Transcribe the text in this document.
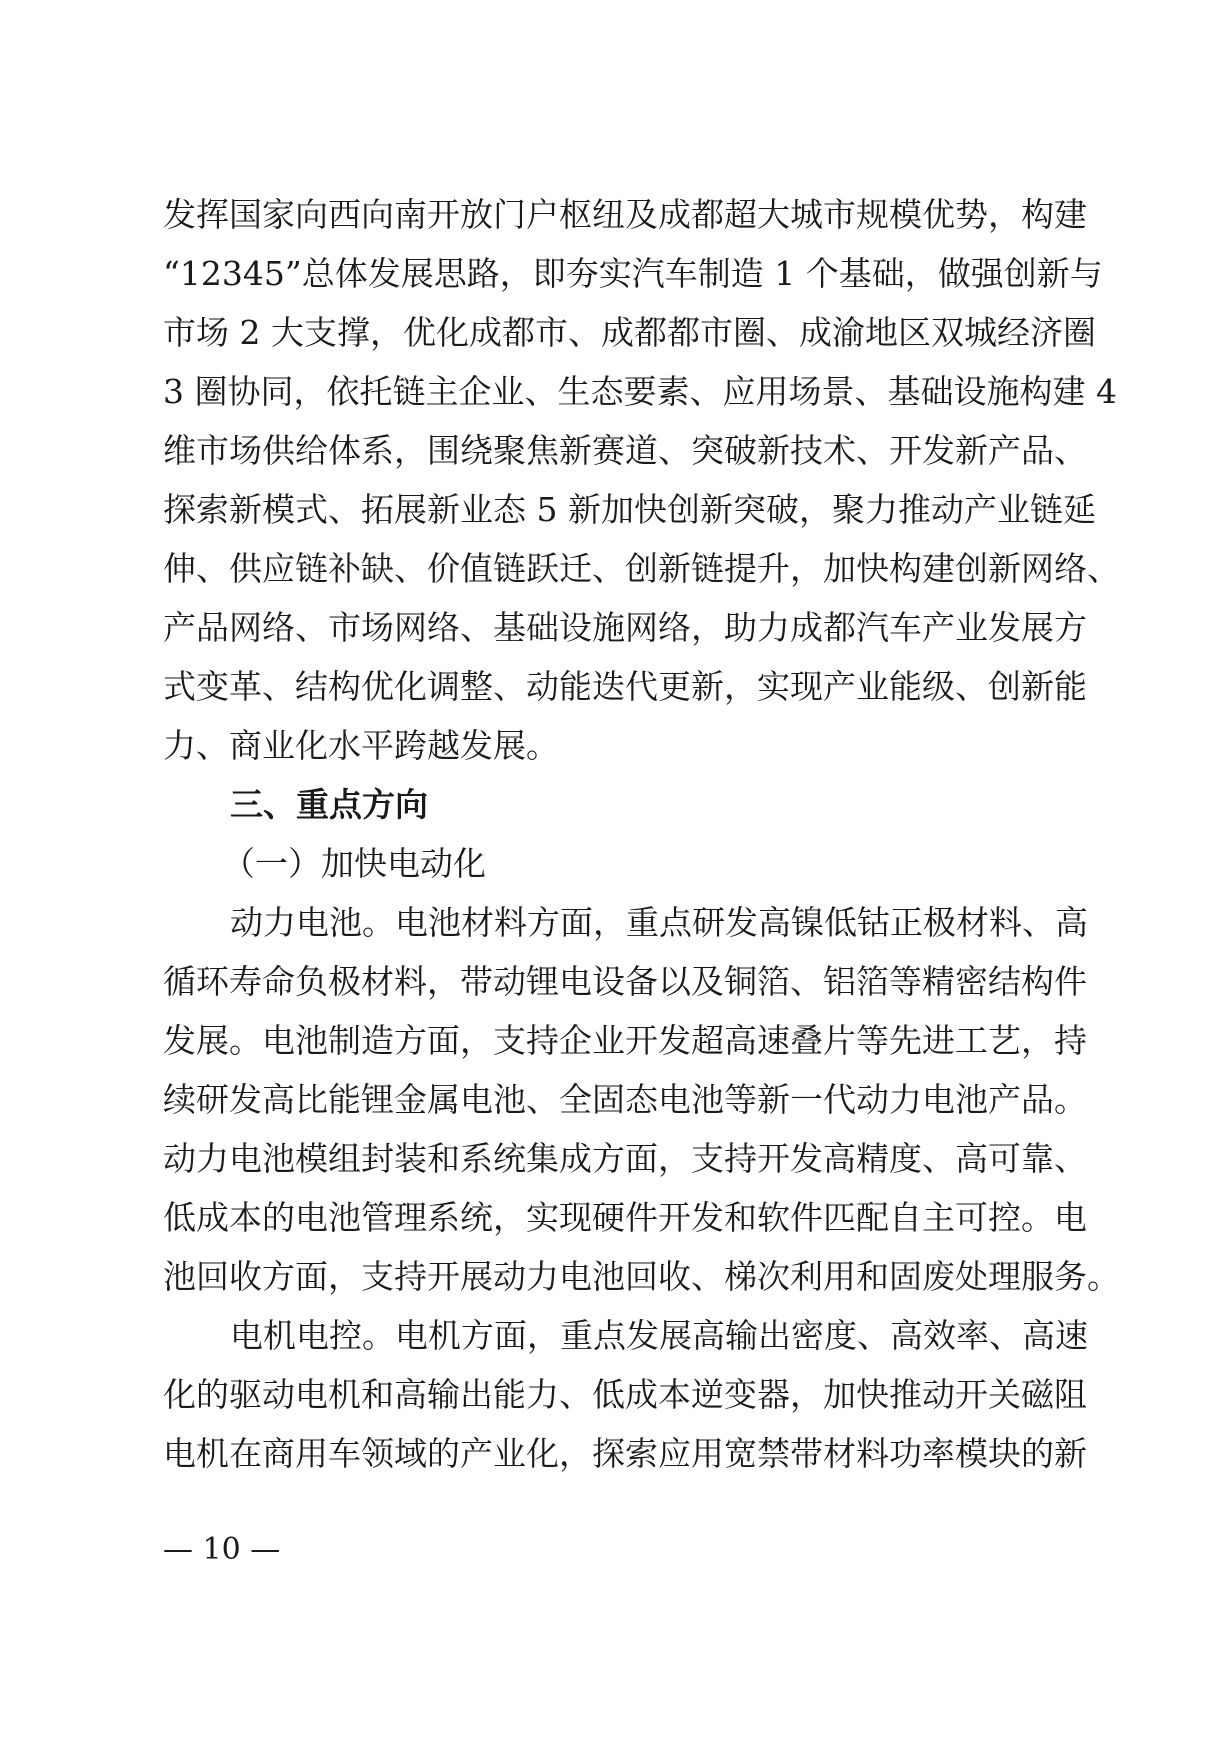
发挥国家向西向南开放门户枢纽及成都超大城市规模优势，构建
“12345”总体发展思路，即夯实汽车制造 1 个基础，做强创新与
市场 2 大支撑，优化成都市、成都都市圈、成渝地区双城经济圈
3 圈协同，依托链主企业、生态要素、应用场景、基础设施构建 4
维市场供给体系，围绕聚焦新赛道、突破新技术、开发新产品、
探索新模式、拓展新业态 5 新加快创新突破，聚力推动产业链延
伸、供应链补缺、价值链跃迁、创新链提升，加快构建创新网络、
产品网络、市场网络、基础设施网络，助力成都汽车产业发展方
式变革、结构优化调整、动能迭代更新，实现产业能级、创新能
力、商业化水平跨越发展。
三、重点方向
（一）加快电动化
动力电池。电池材料方面，重点研发高镍低钴正极材料、高
循环寿命负极材料，带动锂电设备以及铜箔、铝箔等精密结构件
发展。电池制造方面，支持企业开发超高速叠片等先进工艺，持
续研发高比能锂金属电池、全固态电池等新一代动力电池产品。
动力电池模组封装和系统集成方面，支持开发高精度、高可靠、
低成本的电池管理系统，实现硬件开发和软件匹配自主可控。电
池回收方面，支持开展动力电池回收、梯次利用和固废处理服务。
电机电控。电机方面，重点发展高输出密度、高效率、高速
化的驱动电机和高输出能力、低成本逆变器，加快推动开关磁阻
电机在商用车领域的产业化，探索应用宽禁带材料功率模块的新
— 10 —
